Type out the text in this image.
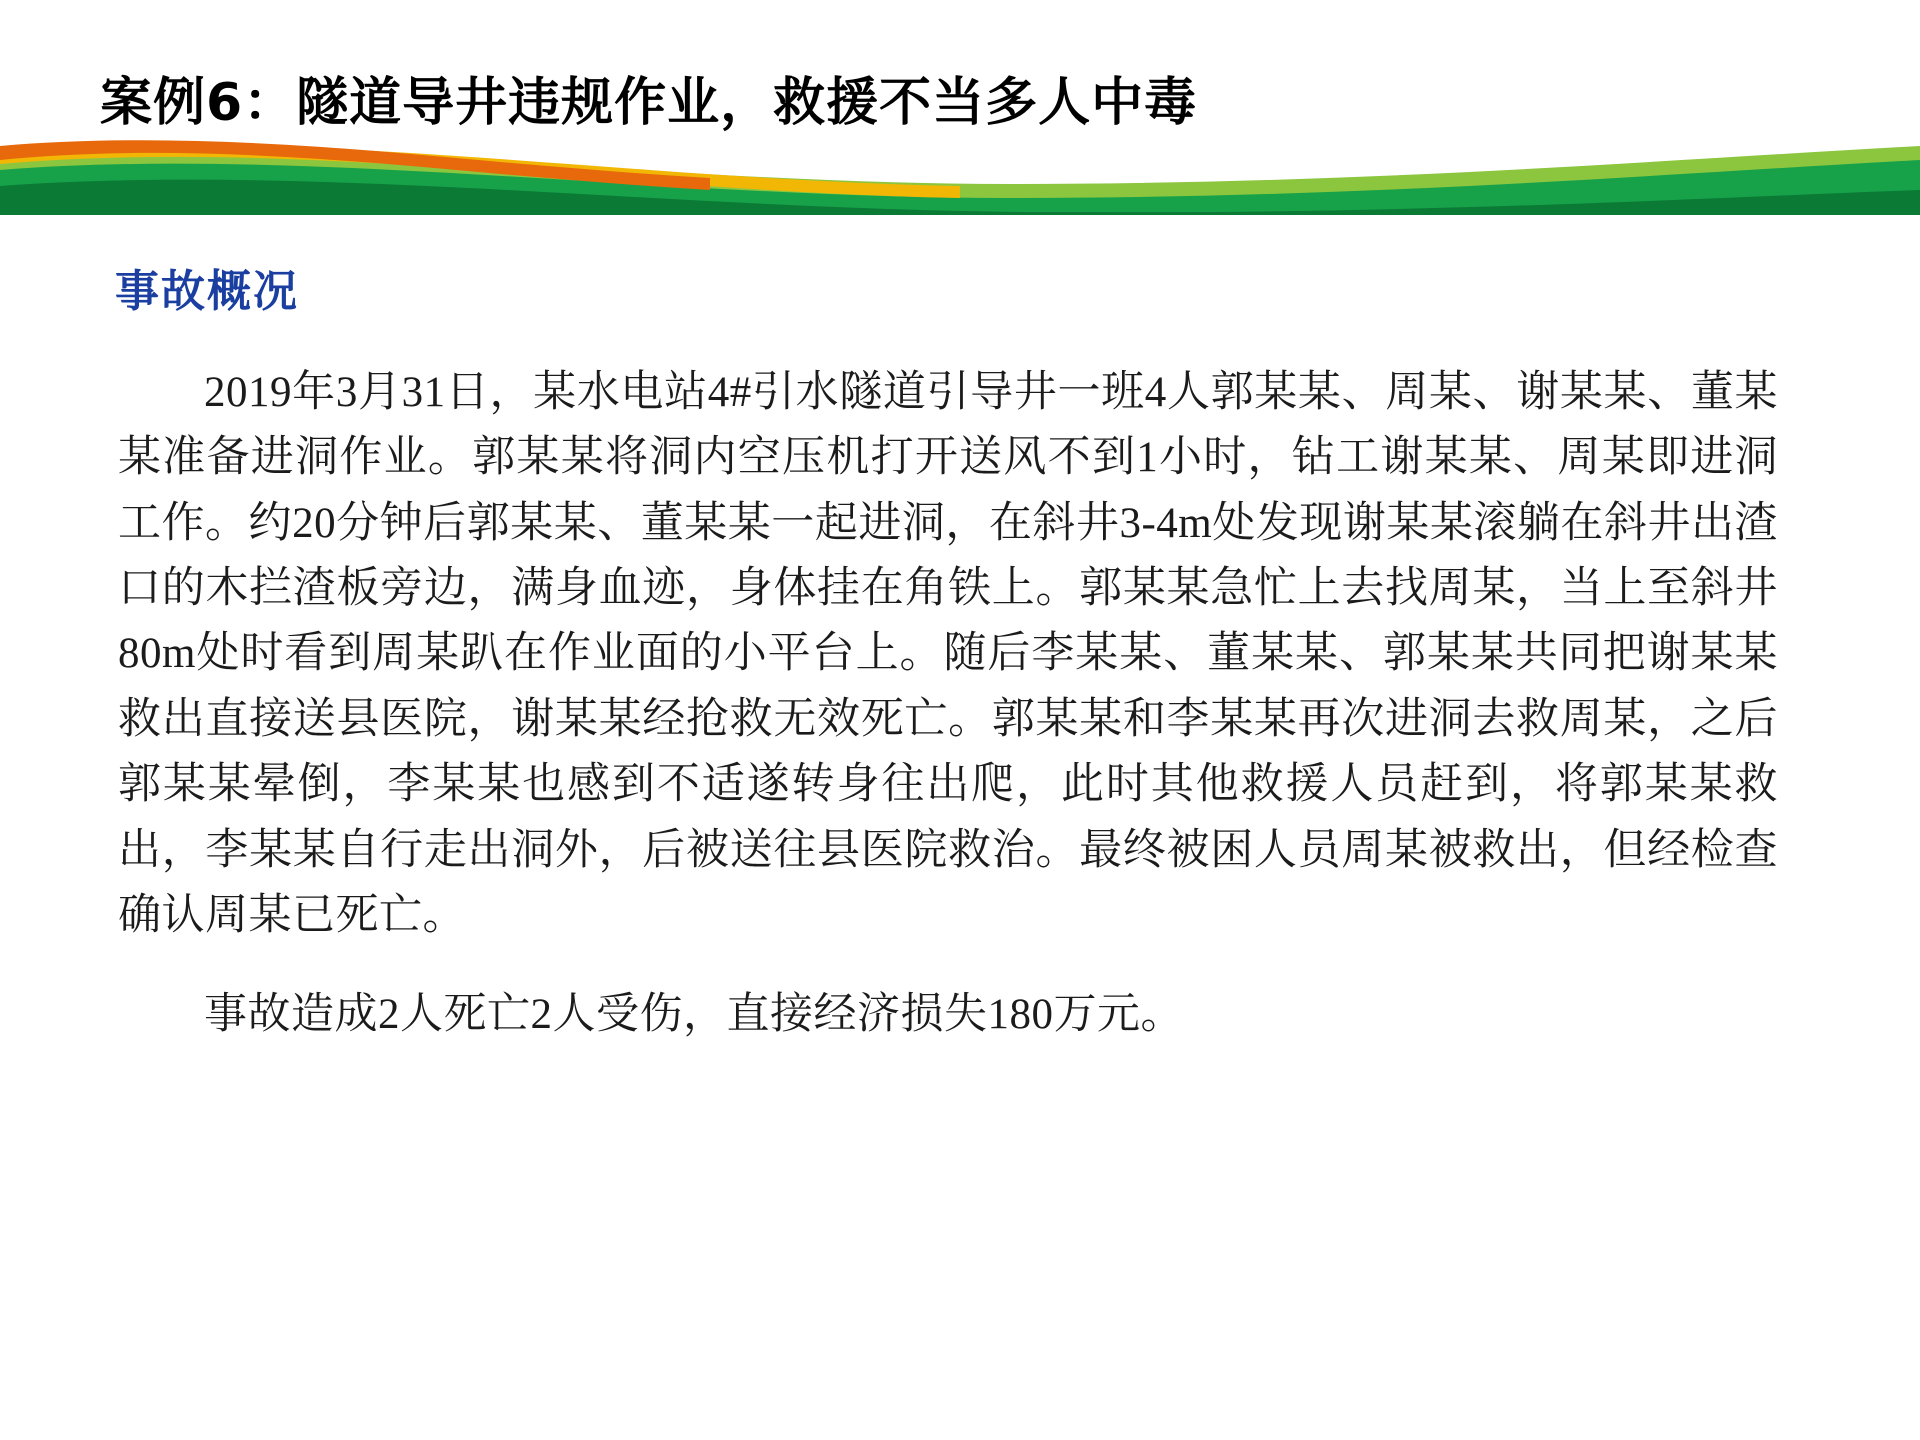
案例6：隧道导井违规作业，救援不当多人中毒
事故概况

2019年3月31日，某水电站4#引水隧道引导井一班4人郭某某、周某、谢某某、董某某准备进洞作业。郭某某将洞内空压机打开送风不到1小时，钻工谢某某、周某即进洞工作。约20分钟后郭某某、董某某一起进洞，在斜井3-4m处发现谢某某滚躺在斜井出渣口的木拦渣板旁边，满身血迹，身体挂在角铁上。郭某某急忙上去找周某，当上至斜井80m处时看到周某趴在作业面的小平台上。随后李某某、董某某、郭某某共同把谢某某救出直接送县医院，谢某某经抢救无效死亡。郭某某和李某某再次进洞去救周某，之后郭某某晕倒，李某某也感到不适遂转身往出爬，此时其他救援人员赶到，将郭某某救出，李某某自行走出洞外，后被送往县医院救治。最终被困人员周某被救出，但经检查确认周某已死亡。

事故造成2人死亡2人受伤，直接经济损失180万元。
